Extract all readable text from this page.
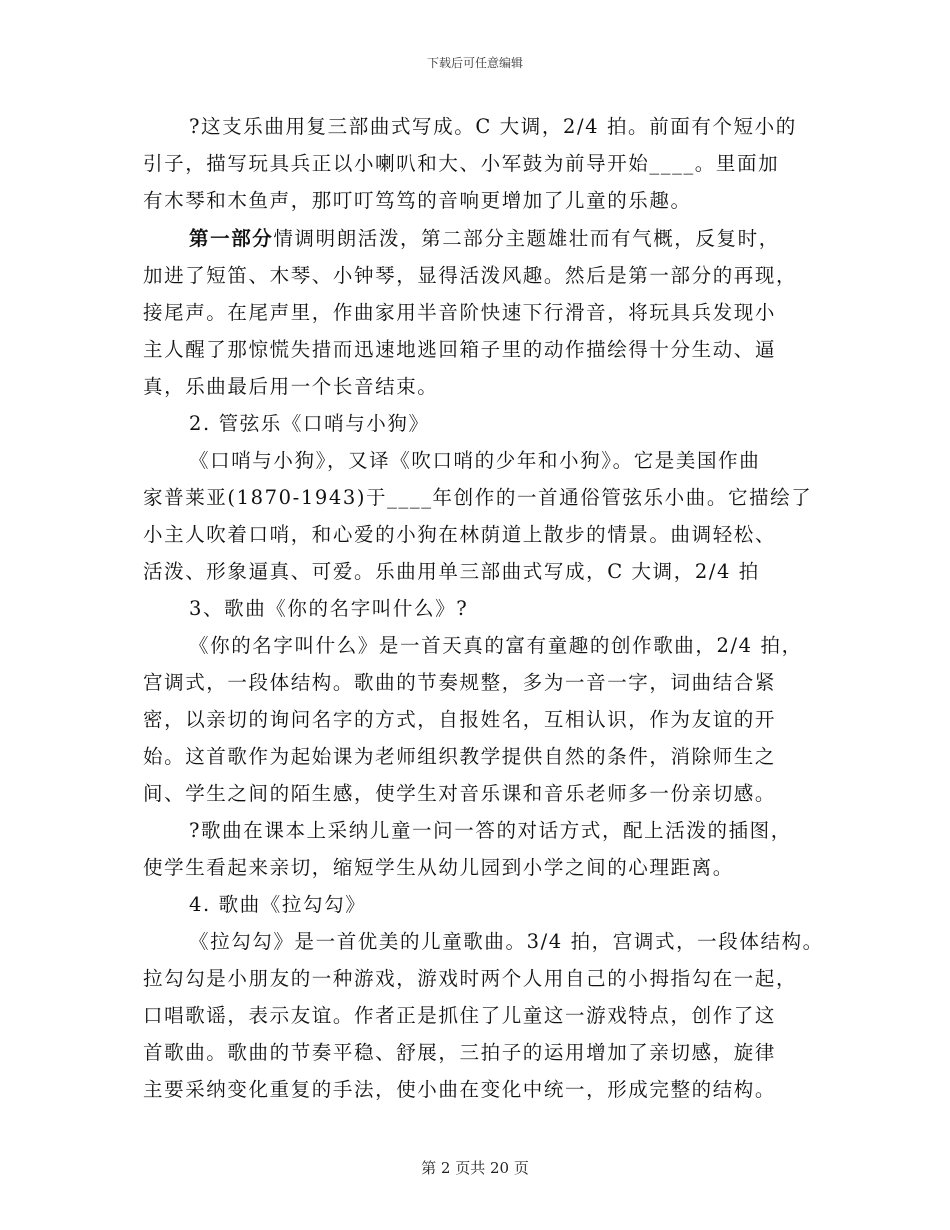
下载后可任意编辑
?这支乐曲用复三部曲式写成。C 大调，2/4 拍。前面有个短小的
引子，描写玩具兵正以小喇叭和大、小军鼓为前导开始____。里面加
有木琴和木鱼声，那叮叮笃笃的音响更增加了儿童的乐趣。
第一部分情调明朗活泼，第二部分主题雄壮而有气概，反复时，
加进了短笛、木琴、小钟琴，显得活泼风趣。然后是第一部分的再现，
接尾声。在尾声里，作曲家用半音阶快速下行滑音，将玩具兵发现小
主人醒了那惊慌失措而迅速地逃回箱子里的动作描绘得十分生动、逼
真，乐曲最后用一个长音结束。
2. 管弦乐《口哨与小狗》
《口哨与小狗》，又译《吹口哨的少年和小狗》。它是美国作曲
家普莱亚(1870-1943)于____年创作的一首通俗管弦乐小曲。它描绘了
小主人吹着口哨，和心爱的小狗在林荫道上散步的情景。曲调轻松、
活泼、形象逼真、可爱。乐曲用单三部曲式写成，C 大调，2/4 拍
3、歌曲《你的名字叫什么》?
《你的名字叫什么》是一首天真的富有童趣的创作歌曲，2/4 拍，
宫调式，一段体结构。歌曲的节奏规整，多为一音一字，词曲结合紧
密，以亲切的询问名字的方式，自报姓名，互相认识，作为友谊的开
始。这首歌作为起始课为老师组织教学提供自然的条件，消除师生之
间、学生之间的陌生感，使学生对音乐课和音乐老师多一份亲切感。
?歌曲在课本上采纳儿童一问一答的对话方式，配上活泼的插图，
使学生看起来亲切，缩短学生从幼儿园到小学之间的心理距离。
4. 歌曲《拉勾勾》
《拉勾勾》是一首优美的儿童歌曲。3/4 拍，宫调式，一段体结构。
拉勾勾是小朋友的一种游戏，游戏时两个人用自己的小拇指勾在一起，
口唱歌谣，表示友谊。作者正是抓住了儿童这一游戏特点，创作了这
首歌曲。歌曲的节奏平稳、舒展，三拍子的运用增加了亲切感，旋律
主要采纳变化重复的手法，使小曲在变化中统一，形成完整的结构。
第 2 页共 20 页
